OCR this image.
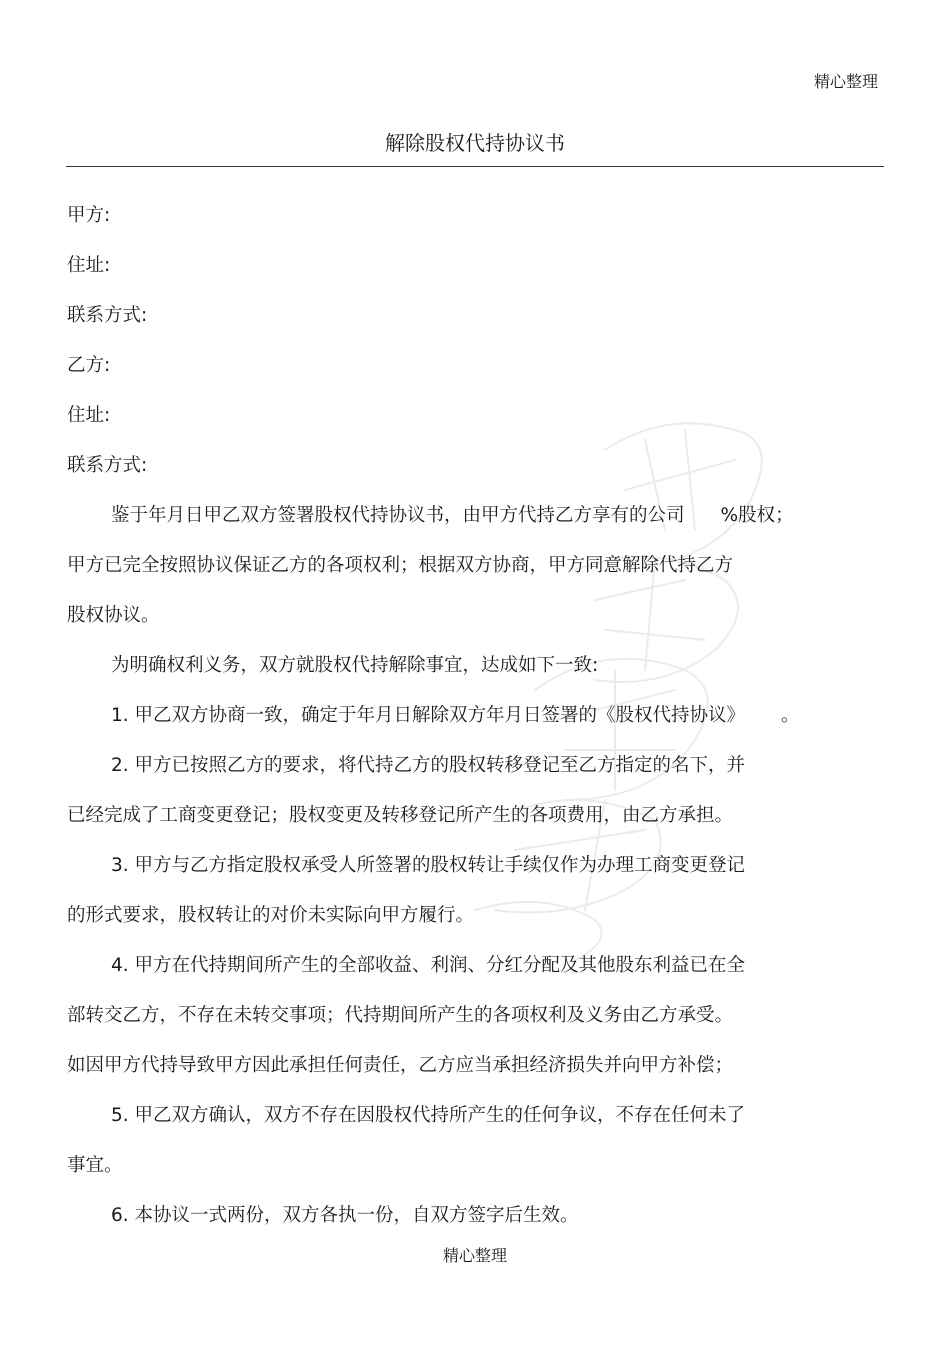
精心整理
解除股权代持协议书
甲方:
住址:
联系方式:
乙方:
住址:
联系方式:
鉴于年月日甲乙双方签署股权代持协议书，由甲方代持乙方享有的公司 %股权；
甲方已完全按照协议保证乙方的各项权利；根据双方协商，甲方同意解除代持乙方
股权协议。
为明确权利义务，双方就股权代持解除事宜，达成如下一致:
1. 甲乙双方协商一致，确定于年月日解除双方年月日签署的《股权代持协议》 。
2. 甲方已按照乙方的要求，将代持乙方的股权转移登记至乙方指定的名下，并
已经完成了工商变更登记；股权变更及转移登记所产生的各项费用，由乙方承担。
3. 甲方与乙方指定股权承受人所签署的股权转让手续仅作为办理工商变更登记
的形式要求，股权转让的对价未实际向甲方履行。
4. 甲方在代持期间所产生的全部收益、利润、分红分配及其他股东利益已在全
部转交乙方，不存在未转交事项；代持期间所产生的各项权利及义务由乙方承受。
如因甲方代持导致甲方因此承担任何责任，乙方应当承担经济损失并向甲方补偿；
5. 甲乙双方确认，双方不存在因股权代持所产生的任何争议，不存在任何未了
事宜。
6. 本协议一式两份，双方各执一份，自双方签字后生效。
精心整理
